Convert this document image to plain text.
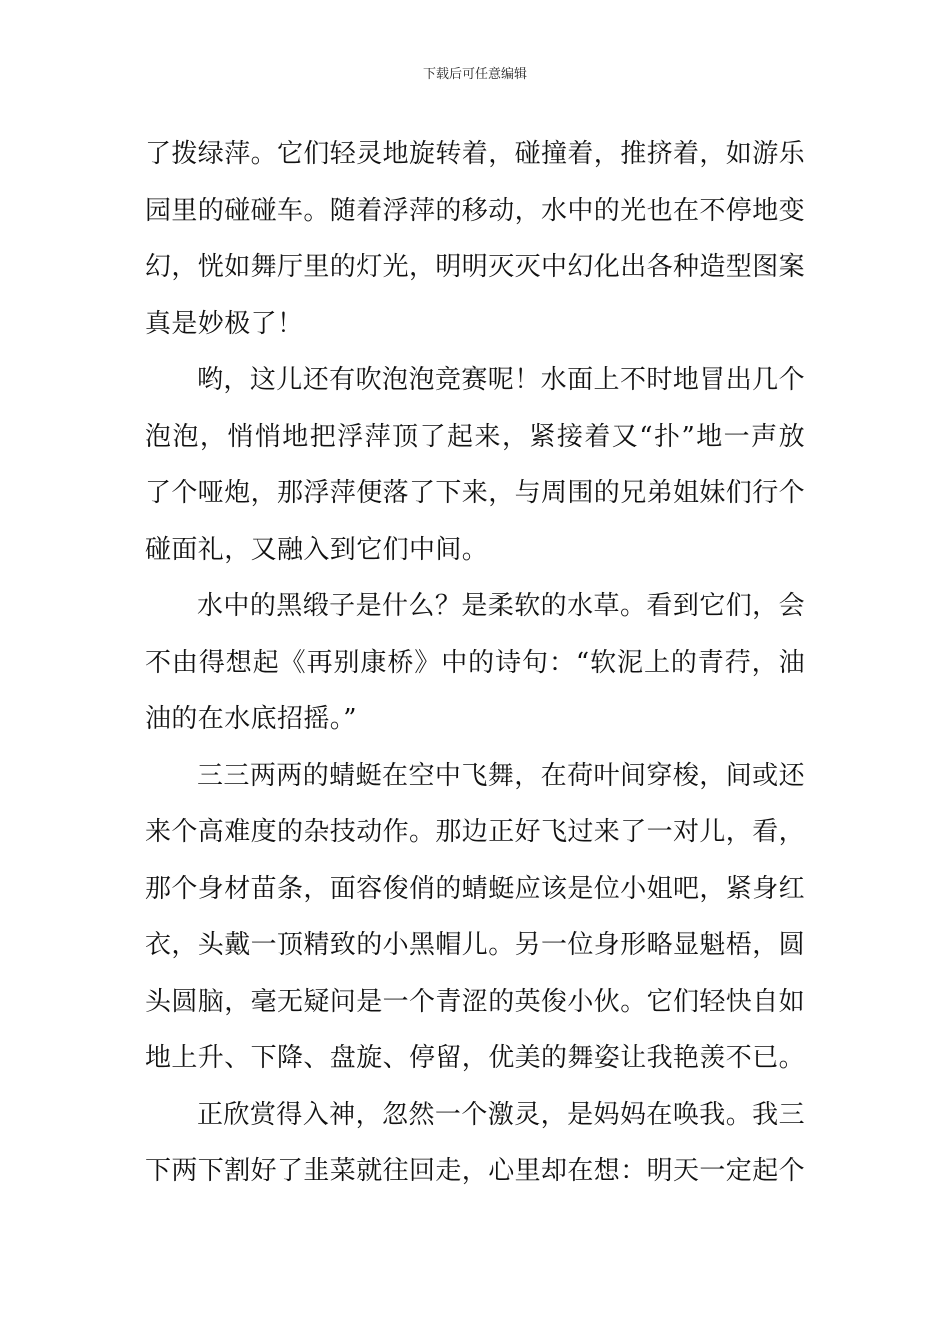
下载后可任意编辑

了拨绿萍。它们轻灵地旋转着，碰撞着，推挤着，如游乐园里的碰碰车。随着浮萍的移动，水中的光也在不停地变幻，恍如舞厅里的灯光，明明灭灭中幻化出各种造型图案真是妙极了！

哟，这儿还有吹泡泡竞赛呢！水面上不时地冒出几个泡泡，悄悄地把浮萍顶了起来，紧接着又“扑”地一声放了个哑炮，那浮萍便落了下来，与周围的兄弟姐妹们行个碰面礼，又融入到它们中间。

水中的黑缎子是什么？是柔软的水草。看到它们，会不由得想起《再别康桥》中的诗句：“软泥上的青荇，油油的在水底招摇。”

三三两两的蜻蜓在空中飞舞，在荷叶间穿梭，间或还来个高难度的杂技动作。那边正好飞过来了一对儿，看，那个身材苗条，面容俊俏的蜻蜓应该是位小姐吧，紧身红衣，头戴一顶精致的小黑帽儿。另一位身形略显魁梧，圆头圆脑，毫无疑问是一个青涩的英俊小伙。它们轻快自如地上升、下降、盘旋、停留，优美的舞姿让我艳羡不已。

正欣赏得入神，忽然一个激灵，是妈妈在唤我。我三下两下割好了韭菜就往回走，心里却在想：明天一定起个
